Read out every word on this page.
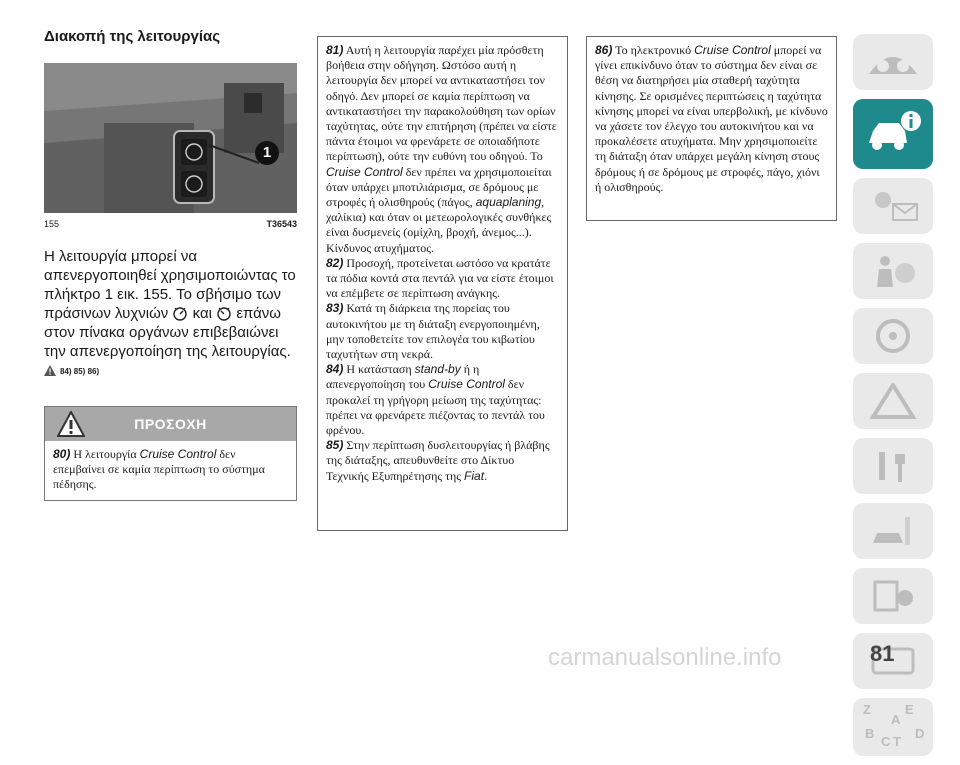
Διακοπή της λειτουργίας
1
155	T36543
Η λειτουργία μπορεί να απενεργοποιηθεί χρησιμοποιώντας το πλήκτρο 1 εικ. 155. Το σβήσιμο των πράσινων λυχνιών και επάνω στον πίνακα οργάνων επιβεβαιώνει την απενεργοποίηση της λειτουργίας.
84) 85) 86)
ΠΡΟΣΟΧΗ
80) Η λειτουργία Cruise Control δεν επεμβαίνει σε καμία περίπτωση το σύστημα πέδησης.
81) Αυτή η λειτουργία παρέχει μία πρόσθετη βοήθεια στην οδήγηση. Ωστόσο αυτή η λειτουργία δεν μπορεί να αντικαταστήσει τον οδηγό. Δεν μπορεί σε καμία περίπτωση να αντικαταστήσει την παρακολούθηση των ορίων ταχύτητας, ούτε την επιτήρηση (πρέπει να είστε πάντα έτοιμοι να φρενάρετε σε οποιαδήποτε περίπτωση), ούτε την ευθύνη του οδηγού. Το Cruise Control δεν πρέπει να χρησιμοποιείται όταν υπάρχει μποτιλιάρισμα, σε δρόμους με στροφές ή ολισθηρούς (πάγος, aquaplaning, χαλίκια) και όταν οι μετεωρολογικές συνθήκες είναι δυσμενείς (ομίχλη, βροχή, άνεμος...). Κίνδυνος ατυχήματος.
82) Προσοχή, προτείνεται ωστόσο να κρατάτε τα πόδια κοντά στα πεντάλ για να είστε έτοιμοι να επέμβετε σε περίπτωση ανάγκης.
83) Κατά τη διάρκεια της πορείας του αυτοκινήτου με τη διάταξη ενεργοποιημένη, μην τοποθετείτε τον επιλογέα του κιβωτίου ταχυτήτων στη νεκρά.
84) Η κατάσταση stand-by ή η απενεργοποίηση του Cruise Control δεν προκαλεί τη γρήγορη μείωση της ταχύτητας: πρέπει να φρενάρετε πιέζοντας το πεντάλ του φρένου.
85) Στην περίπτωση δυσλειτουργίας ή βλάβης της διάταξης, απευθυνθείτε στο Δίκτυο Τεχνικής Εξυπηρέτησης της Fiat.
86) Το ηλεκτρονικό Cruise Control μπορεί να γίνει επικίνδυνο όταν το σύστημα δεν είναι σε θέση να διατηρήσει μία σταθερή ταχύτητα κίνησης. Σε ορισμένες περιπτώσεις η ταχύτητα κίνησης μπορεί να είναι υπερβολική, με κίνδυνο να χάσετε τον έλεγχο του αυτοκινήτου και να προκαλέσετε ατυχήματα. Μην χρησιμοποιείτε τη διάταξη όταν υπάρχει μεγάλη κίνηση στους δρόμους ή σε δρόμους με στροφές, πάγο, χιόνι ή ολισθηρούς.
Z	E
A
B
C T
D
carmanualsonline.info	81
